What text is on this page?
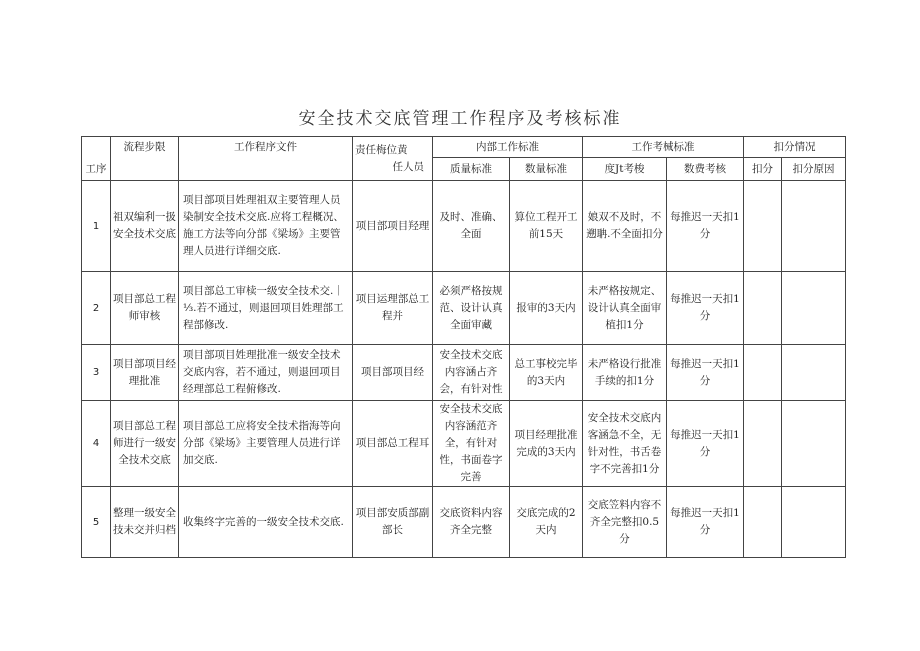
安全技术交底管理工作程序及考核标准
工序	流程步限	工作程序文件	责任梅位黄
任人员	内部工作标准		工作考械标准		扣分情况	
				质量标准	数量标准	度Jt考梭	数费考核	扣分	扣分原因
1	祖双编利一扱安全技术交底	项目部项目姓理祖双主要管理人员染制安全技术交底.应将工程概况、施工方法等向分部《梁场》主要管理人员进行详细交底.	项目部项目羟理	及时、准确、全面	算位工程开工前15天	娘双不及时，不遡聃.不全面扣分	每推迟一天扣1分		
2	项目部总工程师审核	项目部总工审椟一级安全技术交.｜⅓.若不通过，则退回项目姓理部工程部修改.	项目运理部总工程并	必须严格按规范、设计认真全面审藏	报审的3天内	未严格按规定、设计认真全面审植扣1分	每推迟一天扣1分		
3	项目部项目经理批准	项目部项目姓理批准一级安全技术交底内容，若不通过，则退回项目经理部总工程俯修改.	项目部项目经	安全技术交底内容涵占齐会，有针对性	总工事校完毕的3天内	未严格设行批准手续的扣1分	每推迟一天扣1分		
4	项目部总工程师进行一级安全技术交底	项目部总工应将安全技术指海等向分部《梁场》主要管理人员进行详加交底.	项目部总工程耳	安全技术交底内容涵范齐全，有针对性，书面卷字完善	项目经理批准完成的3天内	安全技术交底内客涵急不全，无针对性，书舌卷字不完善扣1分	每推迟一天扣1分		
5	整理一级安全技未交并归档	收集终字完善的一级安全技术交底.	项目部安质部副部长	交底资料内容齐全完整	交底完成的2天内	交底笠料内容不齐全完整扣0.5分	每推迟一天扣1分		
